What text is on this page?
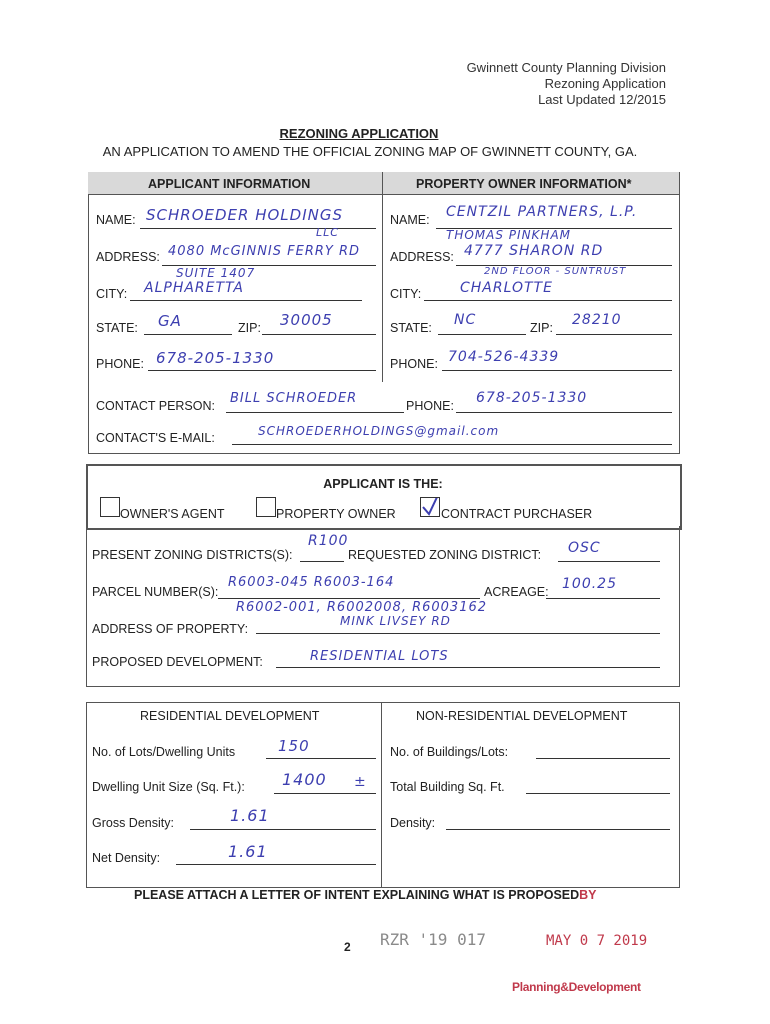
Gwinnett County Planning Division
Rezoning Application
Last Updated 12/2015
REZONING APPLICATION
AN APPLICATION TO AMEND THE OFFICIAL ZONING MAP OF GWINNETT COUNTY, GA.
APPLICANT INFORMATION	PROPERTY OWNER INFORMATION*
NAME: SCHROEDER HOLDINGS
LLC
ADDRESS: 4080 McGINNIS FERRY RD
SUITE 1407
CITY: ALPHARETTA
STATE: GA	ZIP: 30005
PHONE: 678-205-1330
NAME: CENTZIL PARTNERS, L.P.
THOMAS PINKHAM
ADDRESS: 4777 SHARON RD
2ND FLOOR - SUNTRUST
CITY:	CHARLOTTE
STATE: NC	ZIP: 28210
PHONE: 704-526-4339
CONTACT PERSON: BILL SCHROEDER	PHONE: 678-205-1330
CONTACT'S E-MAIL:	SCHROEDERHOLDINGS@gmail.com
APPLICANT IS THE:
OWNER'S AGENT	PROPERTY OWNER	CONTRACT PURCHASER
PRESENT ZONING DISTRICTS(S):
R100
REQUESTED ZONING DISTRICT: OSC
PARCEL NUMBER(S):
R6003-045 R6003-164
R6002-001, R6002008, R6003162
ACREAGE: 100.25
ADDRESS OF PROPERTY:
MINK LIVSEY RD
PROPOSED DEVELOPMENT:	RESIDENTIAL LOTS
RESIDENTIAL DEVELOPMENT	NON-RESIDENTIAL DEVELOPMENT
No. of Lots/Dwelling Units	150
Dwelling Unit Size (Sq. Ft.): 1400 ±
Gross Density:	1.61
Net Density:	1.61
No. of Buildings/Lots:
Total Building Sq. Ft.
Density:
PLEASE ATTACH A LETTER OF INTENT EXPLAINING WHAT IS PROPOSEDBY
2 RZR '19 017	MAY 0 7 2019
Planning&Development
